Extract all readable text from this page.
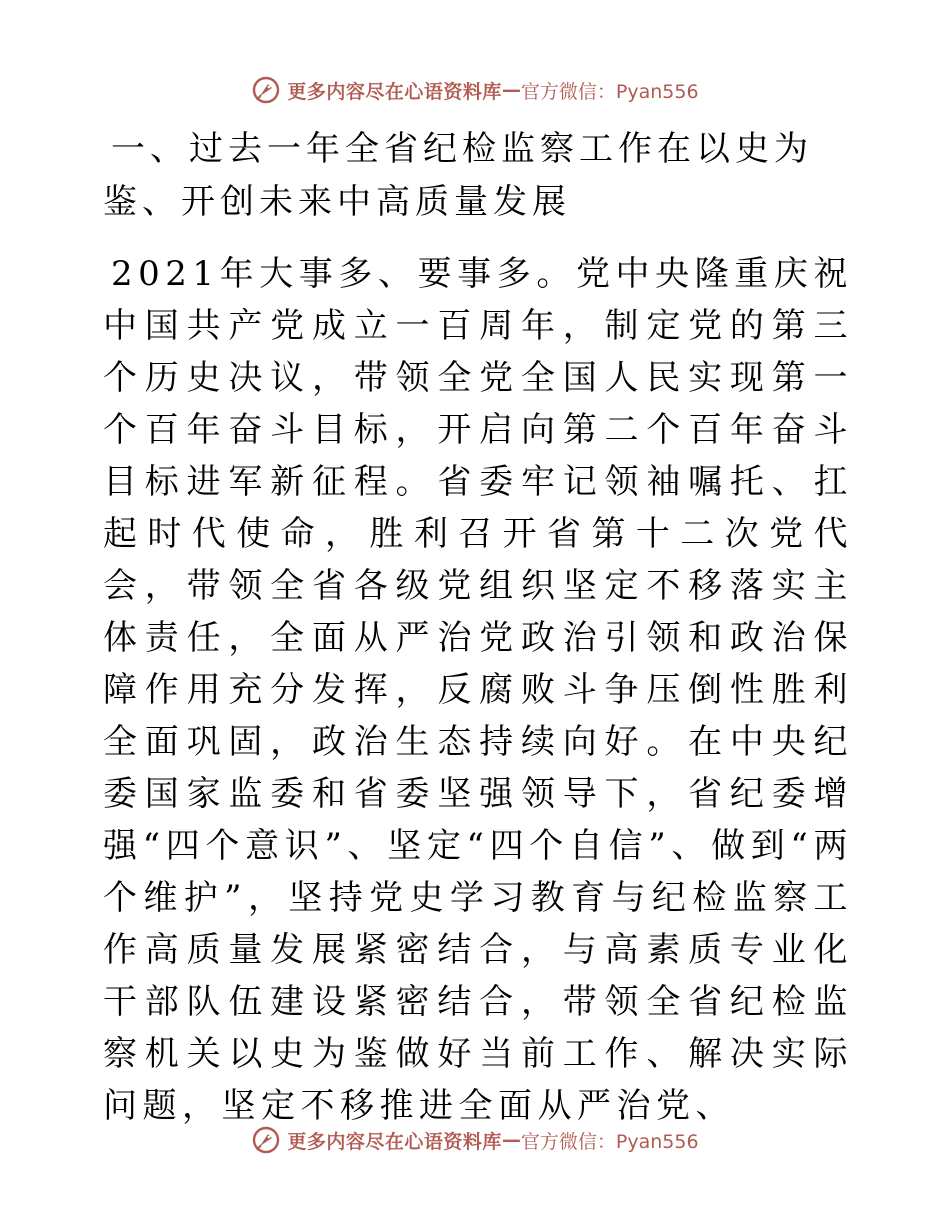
更多内容尽在心语资料库 — 官方微信：Pyan556
一、过去一年全省纪检监察工作在以史为鉴、开创未来中高质量发展

2021年大事多、要事多。党中央隆重庆祝中国共产党成立一百周年，制定党的第三个历史决议，带领全党全国人民实现第一个百年奋斗目标，开启向第二个百年奋斗目标进军新征程。省委牢记领袖嘱托、扛起时代使命，胜利召开省第十二次党代会，带领全省各级党组织坚定不移落实主体责任，全面从严治党政治引领和政治保障作用充分发挥，反腐败斗争压倒性胜利全面巩固，政治生态持续向好。在中央纪委国家监委和省委坚强领导下，省纪委增强“四个意识”、坚定“四个自信”、做到“两个维护”，坚持党史学习教育与纪检监察工作高质量发展紧密结合，与高素质专业化干部队伍建设紧密结合，带领全省纪检监察机关以史为鉴做好当前工作、解决实际问题，坚定不移推进全面从严治党、

更多内容尽在心语资料库 — 官方微信：Pyan556
